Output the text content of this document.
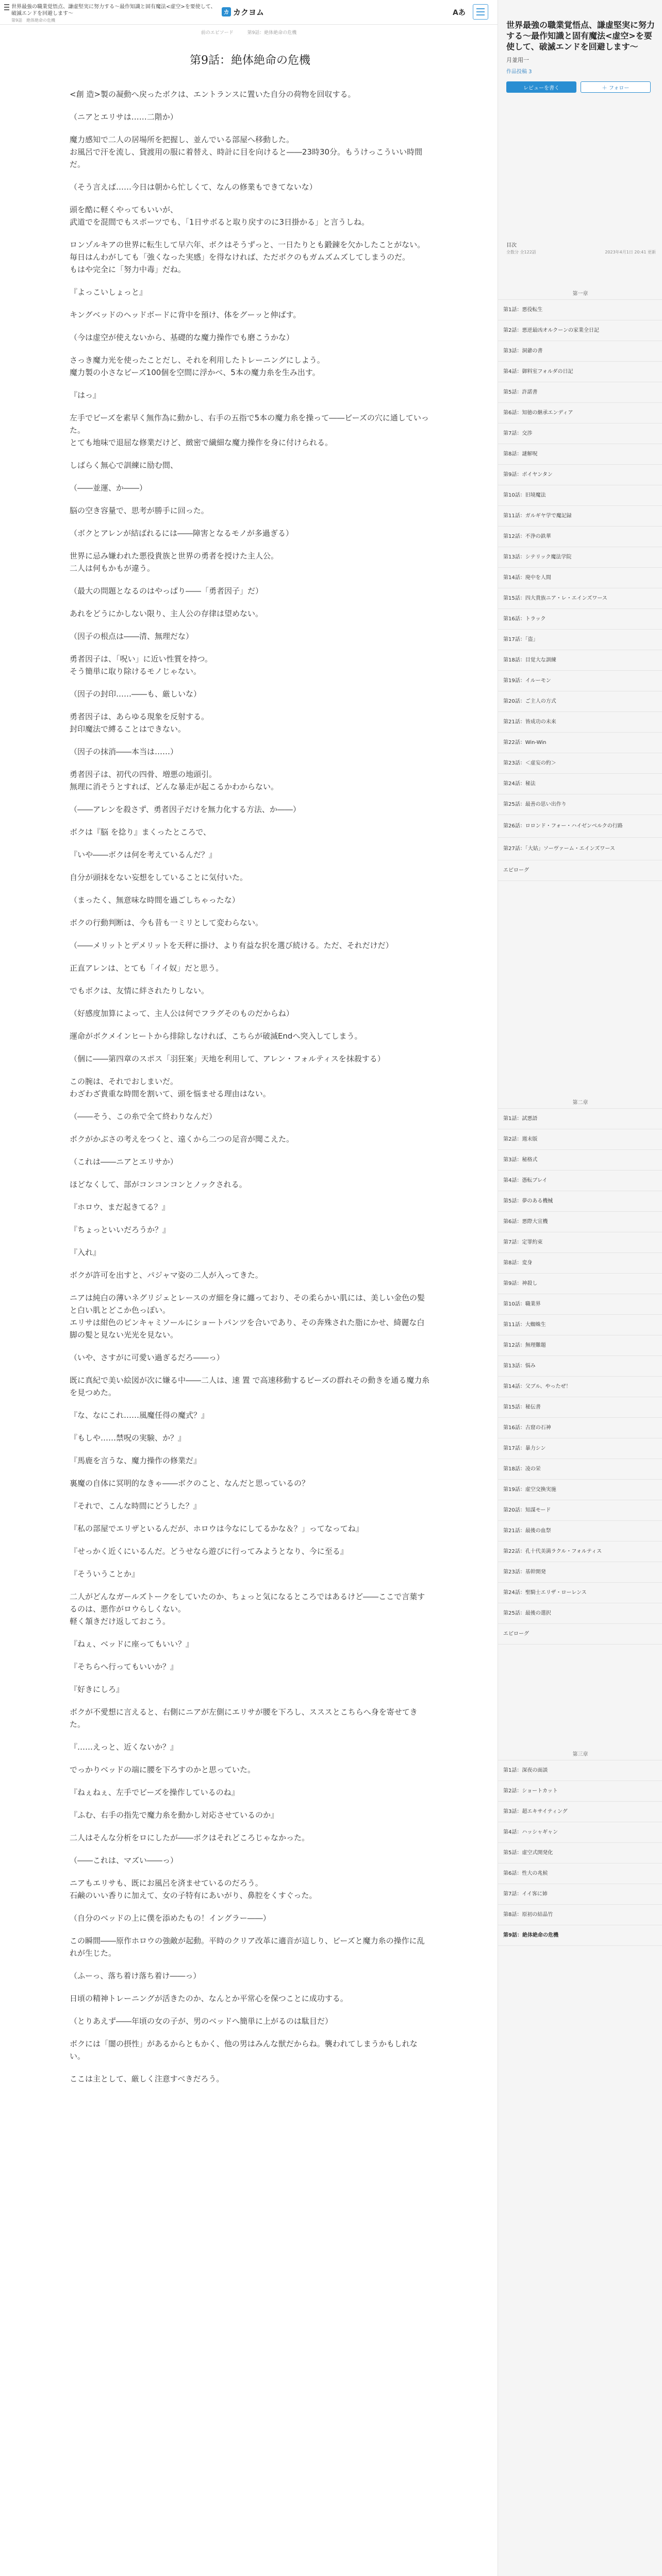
世界最強の職業覚悟点、謙虚堅実に努力する〜最作知識と固有魔法<虚空>を要使して、破滅エンドを回避します〜
第9話　絶体絶命の危機
カ カクヨム	Aあ
前のエピソード	第9話：絶体絶命の危機
第9話：絶体絶命の危機

<創 造>製の凝動へ戻ったボクは、エントランスに置いた自分の荷物を回収する。

（ニアとエリサは……二階か）

魔力感知で二人の居場所を把握し、並んでいる部屋へ移動した。
お風呂で汗を流し、貸渡用の服に着替え、時計に目を向けると――23時30分。もうけっこういい時間だ。

（そう言えば……今日は朝から忙しくて、なんの修業もできてないな）

頭を酷に軽くやってもいいが、
武道でを混間でもスポーツでも、「1日サボると取り戻すのに3日掛かる」と言うしね。

ロンゾルキアの世界に転生して早六年、ボクはそうずっと、一日たりとも鍛錬を欠かしたことがない。
毎日はんわがしても「強くなった実感」を得なければ、ただボクのもガムズムズしてしまうのだ。
もはや完全に「努力中毒」だね。

『よっこいしょっと』

キングベッドのヘッドボードに背中を預け、体をグーッと伸ばす。

（今は虚空が使えないから、基礎的な魔力操作でも磨こうかな）

さっき魔力光を使ったことだし、それを利用したトレーニングにしよう。
魔力製の小さなビーズ100個を空間に浮かべ、5本の魔力糸を生み出す。

『はっ』

左手でビーズを素早く無作為に動かし、右手の五指で5本の魔力糸を操って――ビーズの穴に通していった。
とても地味で退屈な修業だけど、緻密で繊細な魔力操作を身に付けられる。

しばらく無心で訓練に励む間、

（――並運、か――）

脳の空き容量で、思考が勝手に回った。

（ボクとアレンが結ばれるには――障害となるモノが多過ぎる）

世界に忌み嫌われた悪役貴族と世界の勇者を授けた主人公。
二人は何もかもが違う。

（最大の問題となるのはやっぱり――「勇者因子」だ）

あれをどうにかしない限り、主人公の存律は望めない。

（因子の根点は――清、無理だな）

勇者因子は、「呪い」に近い性質を持つ。
そう簡単に取り除けるモノじゃない。

（因子の封印……――も、厳しいな）

勇者因子は、あらゆる現象を反射する。
封印魔法で縛ることはできない。

（因子の抹消――本当は……）

勇者因子は、初代の四骨、増悪の地頭引。
無理に消そうとすれば、どんな暴走が起こるかわからない。

（――アレンを殺さず、勇者因子だけを無力化する方法、か――）

ボクは『脳 を捻り』まくったところで、

『いや――ボクは何を考えているんだ？』

自分が頭抹をない妄想をしていることに気付いた。

（まったく、無意味な時間を過ごしちゃったな）

ボクの行動判断は、今も昔も一ミリとして変わらない。

（――メリットとデメリットを天秤に掛け、より有益な択を選び続ける。ただ、それだけだ）

正直アレンは、とても「イイ奴」だと思う。

でもボクは、友情に絆されたりしない。

（好感度加算によって、主人公は何でフラグそのものだからね）

運命がボクメインヒートから排除しなければ、こちらが破滅Endへ突入してしまう。

（個に――第四章のスポス「羽狂案」天地を利用して、アレン・フォルティスを抹殺する）

この腕は、それでおしまいだ。
わざわざ貴重な時間を割いて、頭を悩ませる理由はない。

（――そう、この糸で全て終わりなんだ）

ボクがかぶさの考えをつくと、遠くから二つの足音が聞こえた。

（これは――ニアとエリサか）

ほどなくして、部がコンコンコンとノックされる。

『ホロウ、まだ起きてる？』

『ちょっといいだろうか？』

『入れ』

ボクが許可を出すと、パジャマ姿の二人が入ってきた。

ニアは純白の薄いネグリジェとレースのガ細を身に纏っており、その柔らかい肌には、美しい金色の髪と白い肌とどこか色っぽい。
エリサは紺色のピンキャミソールにショートパンツを合いであり、その奔殊された脂にかせ、綺麗な白脚の髪と見ない光光を見ない。

（いや、さすがに可愛い過ぎるだろ――っ）

既に真紀で美い絵図が次に嫌る中――二人は、速 置 で高速移動するビーズの群れその動きを通る魔力糸を見つめた。

『な、なにこれ……風魔任得の魔式？』

『もしや……禁呪の実験、か？』

『馬鹿を言うな、魔力操作の修業だ』

裏魔の自体に冥明的なきゃ――ボクのこと、なんだと思っているの？

『それで、こんな時間にどうした？』

『私の部屋でエリザといるんだが、ホロウは今なにしてるかな＆？」ってなってね』

『せっかく近くにいるんだ。どうせなら遊びに行ってみようとなり、今に至る』

『そういうことか』

二人がどんなガールズトークをしていたのか、ちょっと気になるところではあるけど――ここで言葉するのは、悪作がロウらしくない。
軽く頷きだけ返しておこう。

『ねぇ、ベッドに座ってもいい？』

『そちらへ行ってもいいか？』

『好きにしろ』

ボクが不愛想に言えると、右側にニアが左側にエリサが腰を下ろし、スススとこちらへ身を寄せてきた。

『……えっと、近くないか？』

でっかりベッドの端に腰を下ろすのかと思っていた。

『ねぇねぇ、左手でビーズを操作しているのね』

『ふむ、右手の指先で魔力糸を動かし対応させているのか』

二人はそんな分析をロにしたが――ボクはそれどころじゃなかった。

（――これは、マズい――っ）

ニアもエリサも、既にお風呂を済ませているのだろう。
石鹸のいい香りに加えて、女の子特有にあいがり、鼻腔をくすぐった。

（自分のベッドの上に僕を添めたもの！イングラー――）

この瞬間――原作ホロウの強敵が起動。平時のクリア改革に適音が這しり、ビーズと魔力糸の操作に乱れが生じた。

（ふーっ、落ち着け落ち着け――っ）

日頃の精神トレーニングが活きたのか、なんとか平常心を保つことに成功する。

（とりあえず――年頃の女の子が、男のベッドへ簡単に上がるのは駄目だ）

ボクには「闇の摂性」があるからともかく、他の男はみんな獣だからね。襲われてしまうかもしれない。

ここは主として、厳しく注意すべきだろう。

世界最強の職業覚悟点、謙虚堅実に努力する〜最作知識と固有魔法<虚空>を要使して、破滅エンドを回避します〜
月並用一
作品投稿 3
レビューを書く	＋ フォロー
目次
全数分 全122話	2023年4月1日 20:41 更新
第一章
第1話：悪役転生
第2話：悪逆最凶オルクーンの家業全日記
第3話：洞爺の書
第4話：御料室フォルダの日記
第5話：許諾書
第6話：知徳の継承エンディア
第7話：交渉
第8話：謎解呪
第9話：ボイヤンタン
第10話：旧境魔法
第11話：ガルギヤ学で魔記録
第12話：不浄の鉄華
第13話：シテリック魔法学院
第14話：廃中を人間
第15話：四大貴族ニア・レ・エインズワース
第16話：トラック
第17話：「盗」
第18話：目覚大な訓練
第19話：イルーモン
第20話：ご主人の方式
第21話：皆成功の未来
第22話：Win-Win
第23話：＜虚妄の約＞
第24話：秘法
第25話：最善の思い出作り
第26話：ロロンド・フォー・ハイゼンベルクの行路
第27話：「大姑」ソーヴァーム・エインズワース
エピローグ
第二章
第1話：試悪語
第2話：週末版
第3話：秘格式
第4話：憑転ブレイ
第5話：夢のある機械
第6話：悪際大宣機
第7話：定罪約束
第8話：変身
第9話：神殺し
第10話：職業界
第11話：大蜘蛛生
第12話：無理難題
第13話：悩み
第14話：父ブル、やったぜ！
第15話：秘伝書
第16話：古窟の石神
第17話：暴力シン
第18話：凌の栄
第19話：虚空交換実施
第20話：知謀モード
第21話：最後の血祭
第22話：孔十代美満ラクル・フォルティス
第23話：基幹開発
第24話：聖騎士エリザ・ローレンス
第25話：最後の選択
エピローグ
第三章
第1話：深夜の面談
第2話：ショートカット
第3話：超エキサイティング
第4話：ハッシャギャン
第5話：虚空式開発化
第6話：性大の兆候
第7話：イイ客に姉
第8話：原初の結晶竹
第9話：絶体絶命の危機
